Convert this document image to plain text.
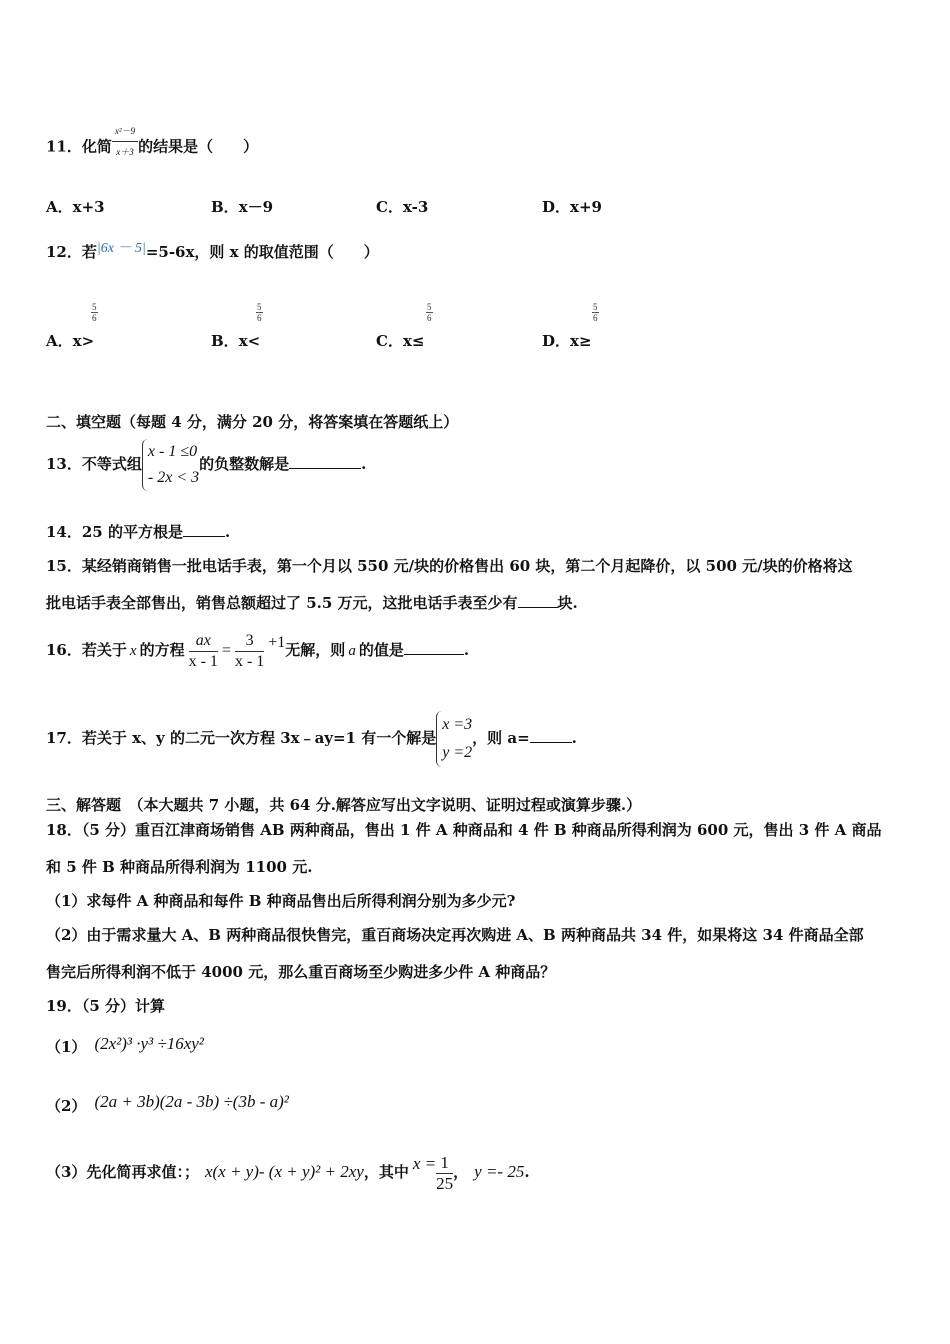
11．化简 $\frac{\text{x²－9}}{x+3}$ 的结果是（　　）
A．x+3	B．x－9	C．x-3	D．x+9
12．若|6x － 5|=5-6x，则 x 的取值范围（　　）
A．x>
$\frac{5}{6}$
B．x<
$\frac{5}{6}$
C．x≤
$\frac{5}{6}$
D．x≥
$\frac{5}{6}$
二、填空题（每题 4 分，满分 20 分，将答案填在答题纸上）
13．不等式组
x - 1 ≤0
- 2x < 3
的负整数解是	.
14．25 的平方根是	.
15．某经销商销售一批电话手表，第一个月以 550 元/块的价格售出 60 块，第二个月起降价，以 500 元/块的价格将这
批电话手表全部售出，销售总额超过了 5.5 万元，这批电话手表至少有	块.
16．若关于 x 的方程 $\frac{ax}{x - 1} = \frac{3}{x - 1} +1$无解，则 a 的值是	.
17．若关于 x、y 的二元一次方程 3x﹣ay=1 有一个解是
x =3
y =2
，则 a=	.
三、解答题　（本大题共 7 小题，共 64 分.解答应写出文字说明、证明过程或演算步骤.）
18．（5 分）重百江津商场销售 AB 两种商品，售出 1 件 A 种商品和 4 件 B 种商品所得利润为 600 元，售出 3 件 A 商品
和 5 件 B 种商品所得利润为 1100 元.
（1）求每件 A 种商品和每件 B 种商品售出后所得利润分别为多少元?
（2）由于需求量大 A、B 两种商品很快售完，重百商场决定再次购进 A、B 两种商品共 34 件，如果将这 34 件商品全部
售完后所得利润不低于 4000 元，那么重百商场至少购进多少件 A 种商品？
19．（5 分）计算
（1） (2x²)³ ·y³ ÷16xy²
（2） (2a + 3b)(2a - 3b) ÷(3b - a)²
（3）先化简再求值：； x(x + y)- (x + y)² + 2xy，其中 $x = \frac{1}{25}$ ， y =- 25.
